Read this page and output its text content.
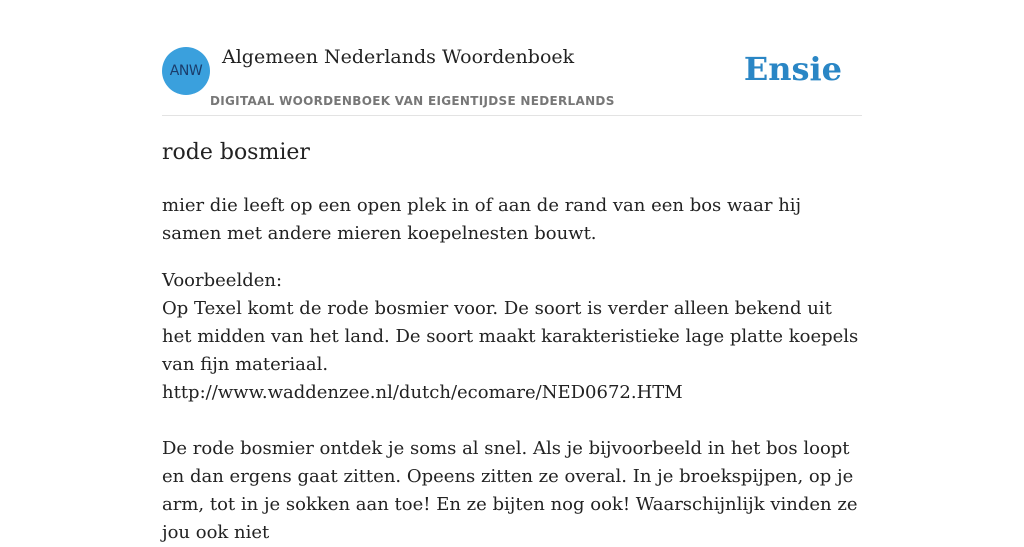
ANW
Algemeen Nederlands Woordenboek
DIGITAAL WOORDENBOEK VAN EIGENTIJDSE NEDERLANDS
Ensie
rode bosmier

mier die leeft op een open plek in of aan de rand van een bos waar hij samen met andere mieren koepelnesten bouwt.

Voorbeelden:

Op Texel komt de rode bosmier voor. De soort is verder alleen bekend uit het midden van het land. De soort maakt karakteristieke lage platte koepels van fijn materiaal.

http://www.waddenzee.nl/dutch/ecomare/NED0672.HTM

De rode bosmier ontdek je soms al snel. Als je bijvoorbeeld in het bos loopt en dan ergens gaat zitten. Opeens zitten ze overal. In je broekspijpen, op je arm, tot in je sokken aan toe! En ze bijten nog ook! Waarschijnlijk vinden ze jou ook niet
